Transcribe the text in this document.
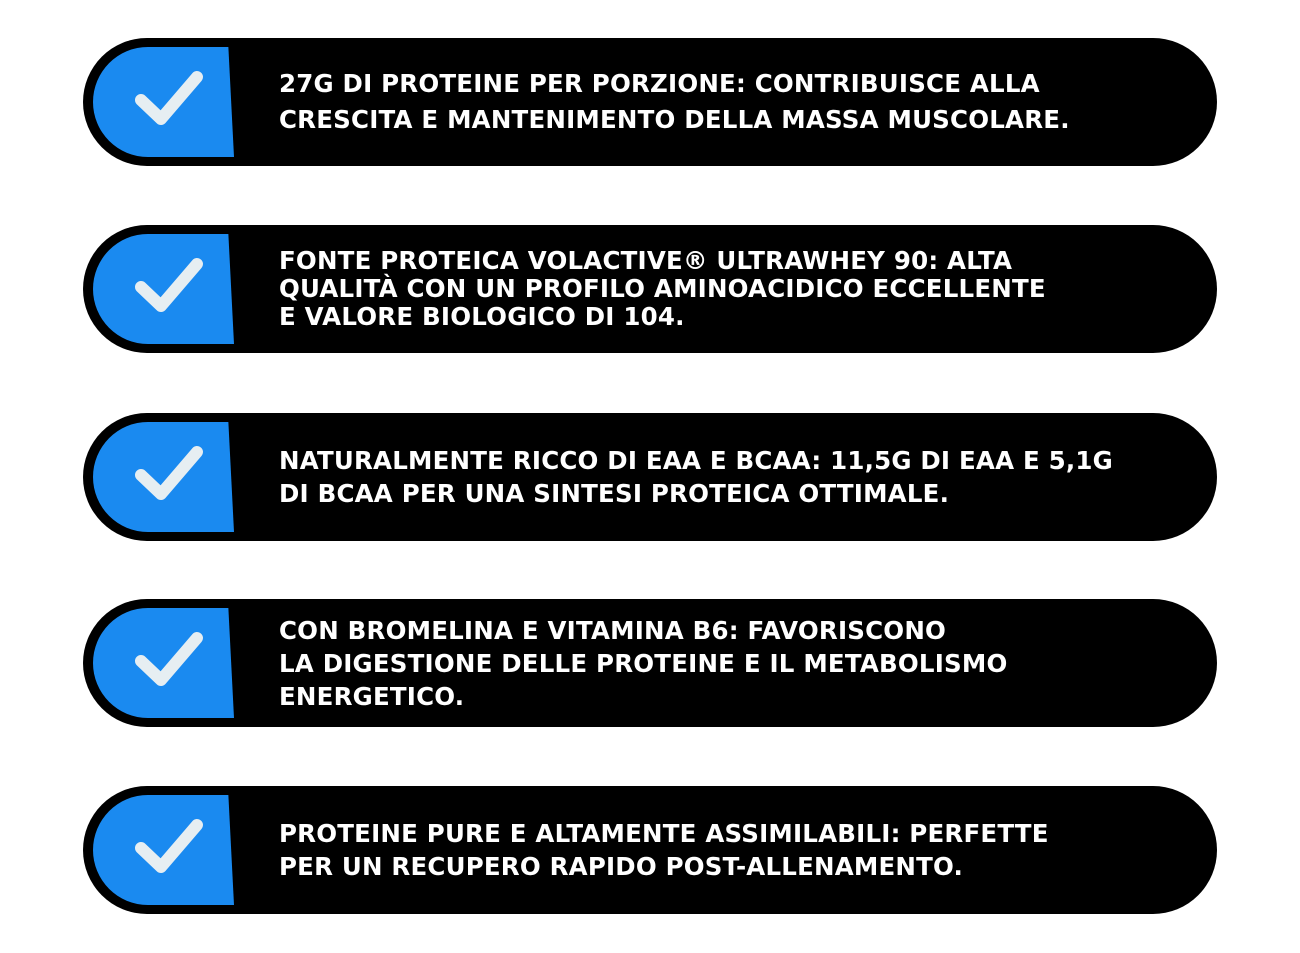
27G DI PROTEINE PER PORZIONE: CONTRIBUISCE ALLA
CRESCITA E MANTENIMENTO DELLA MASSA MUSCOLARE.
FONTE PROTEICA VOLACTIVE® ULTRAWHEY 90: ALTA
QUALITÀ CON UN PROFILO AMINOACIDICO ECCELLENTE
E VALORE BIOLOGICO DI 104.
NATURALMENTE RICCO DI EAA E BCAA: 11,5G DI EAA E 5,1G
DI BCAA PER UNA SINTESI PROTEICA OTTIMALE.
CON BROMELINA E VITAMINA B6: FAVORISCONO
LA DIGESTIONE DELLE PROTEINE E IL METABOLISMO
ENERGETICO.
PROTEINE PURE E ALTAMENTE ASSIMILABILI: PERFETTE
PER UN RECUPERO RAPIDO POST-ALLENAMENTO.
